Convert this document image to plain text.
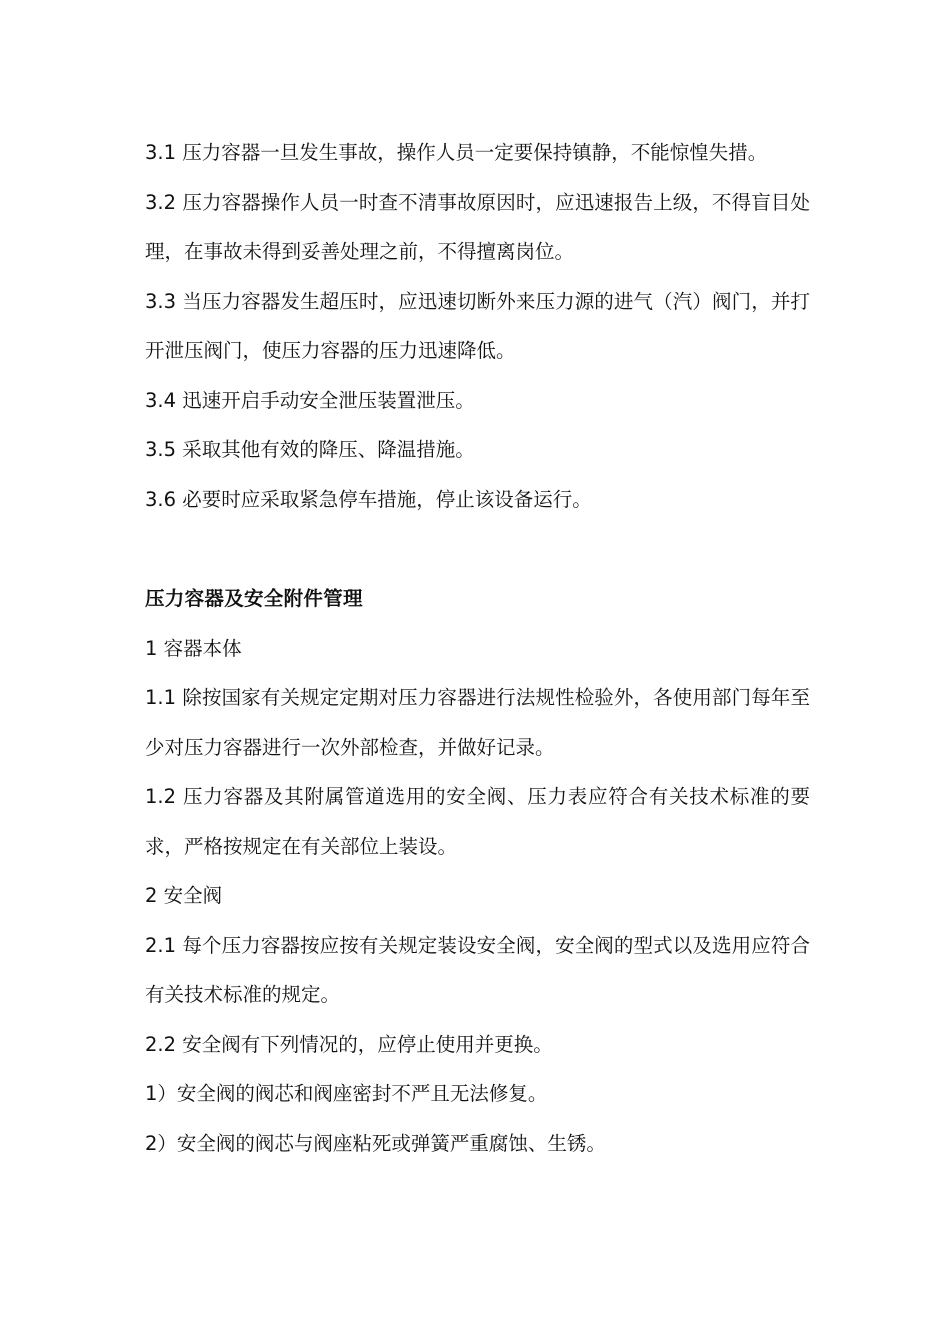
3.1 压力容器一旦发生事故，操作人员一定要保持镇静，不能惊惶失措。

3.2 压力容器操作人员一时查不清事故原因时，应迅速报告上级，不得盲目处理，在事故未得到妥善处理之前，不得擅离岗位。

3.3 当压力容器发生超压时，应迅速切断外来压力源的进气（汽）阀门，并打开泄压阀门，使压力容器的压力迅速降低。

3.4 迅速开启手动安全泄压装置泄压。

3.5 采取其他有效的降压、降温措施。

3.6 必要时应采取紧急停车措施，停止该设备运行。

压力容器及安全附件管理

1 容器本体

1.1 除按国家有关规定定期对压力容器进行法规性检验外，各使用部门每年至少对压力容器进行一次外部检查，并做好记录。

1.2 压力容器及其附属管道选用的安全阀、压力表应符合有关技术标准的要求，严格按规定在有关部位上装设。

2 安全阀

2.1 每个压力容器按应按有关规定装设安全阀，安全阀的型式以及选用应符合有关技术标准的规定。

2.2 安全阀有下列情况的，应停止使用并更换。

1）安全阀的阀芯和阀座密封不严且无法修复。

2）安全阀的阀芯与阀座粘死或弹簧严重腐蚀、生锈。
